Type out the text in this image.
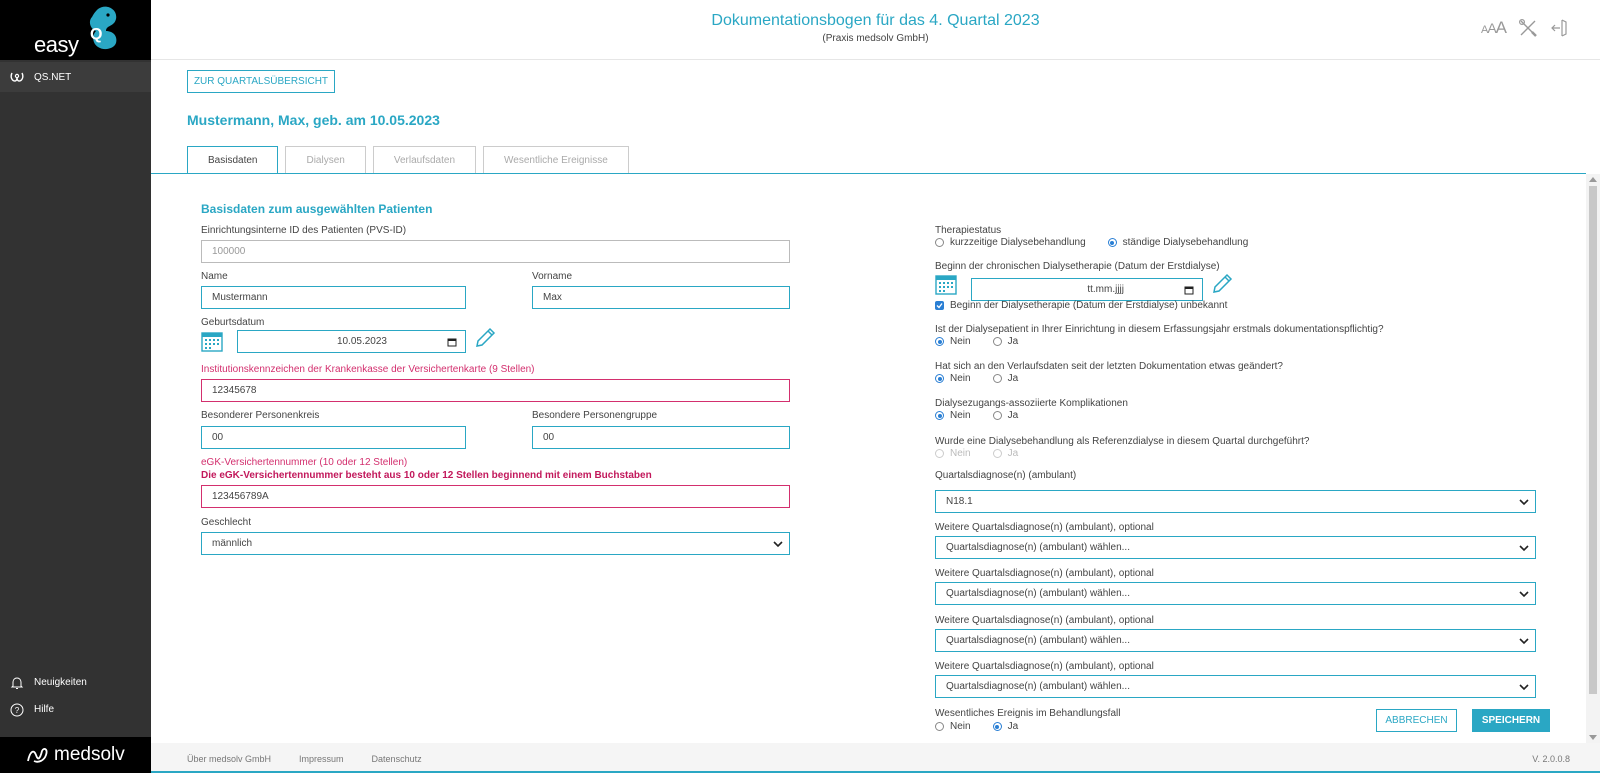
easy Q
QS.NET
Neuigkeiten
? Hilfe
medsolv
Dokumentationsbogen für das 4. Quartal 2023
(Praxis medsolv GmbH)
AAA
ZUR QUARTALSÜBERSICHT
Mustermann, Max, geb. am 10.05.2023
Basisdaten	Dialysen	Verlaufsdaten	Wesentliche Ereignisse
Basisdaten zum ausgewählten Patienten
Einrichtungsinterne ID des Patienten (PVS-ID)
100000
Name
Mustermann
Vorname
Max
Geburtsdatum
10.05.2023
Institutionskennzeichen der Krankenkasse der Versichertenkarte (9 Stellen)
12345678
Besonderer Personenkreis
00
Besondere Personengruppe
00
eGK-Versichertennummer (10 oder 12 Stellen)
Die eGK-Versichertennummer besteht aus 10 oder 12 Stellen beginnend mit einem Buchstaben
123456789A
Geschlecht
männlich
Therapiestatus
kurzzeitige Dialysebehandlung	ständige Dialysebehandlung
Beginn der chronischen Dialysetherapie (Datum der Erstdialyse)
tt.mm.jjjj
Beginn der Dialysetherapie (Datum der Erstdialyse) unbekannt
Ist der Dialysepatient in Ihrer Einrichtung in diesem Erfassungsjahr erstmals dokumentationspflichtig?
Nein	Ja
Hat sich an den Verlaufsdaten seit der letzten Dokumentation etwas geändert?
Nein	Ja
Dialysezugangs-assoziierte Komplikationen
Nein	Ja
Wurde eine Dialysebehandlung als Referenzdialyse in diesem Quartal durchgeführt?
Nein	Ja
Quartalsdiagnose(n) (ambulant)
N18.1
Weitere Quartalsdiagnose(n) (ambulant), optional
Quartalsdiagnose(n) (ambulant) wählen...
Weitere Quartalsdiagnose(n) (ambulant), optional
Quartalsdiagnose(n) (ambulant) wählen...
Weitere Quartalsdiagnose(n) (ambulant), optional
Quartalsdiagnose(n) (ambulant) wählen...
Weitere Quartalsdiagnose(n) (ambulant), optional
Quartalsdiagnose(n) (ambulant) wählen...
Wesentliches Ereignis im Behandlungsfall
Nein	Ja
ABBRECHEN	SPEICHERN
Über medsolv GmbH	Impressum	Datenschutz	V. 2.0.0.8
